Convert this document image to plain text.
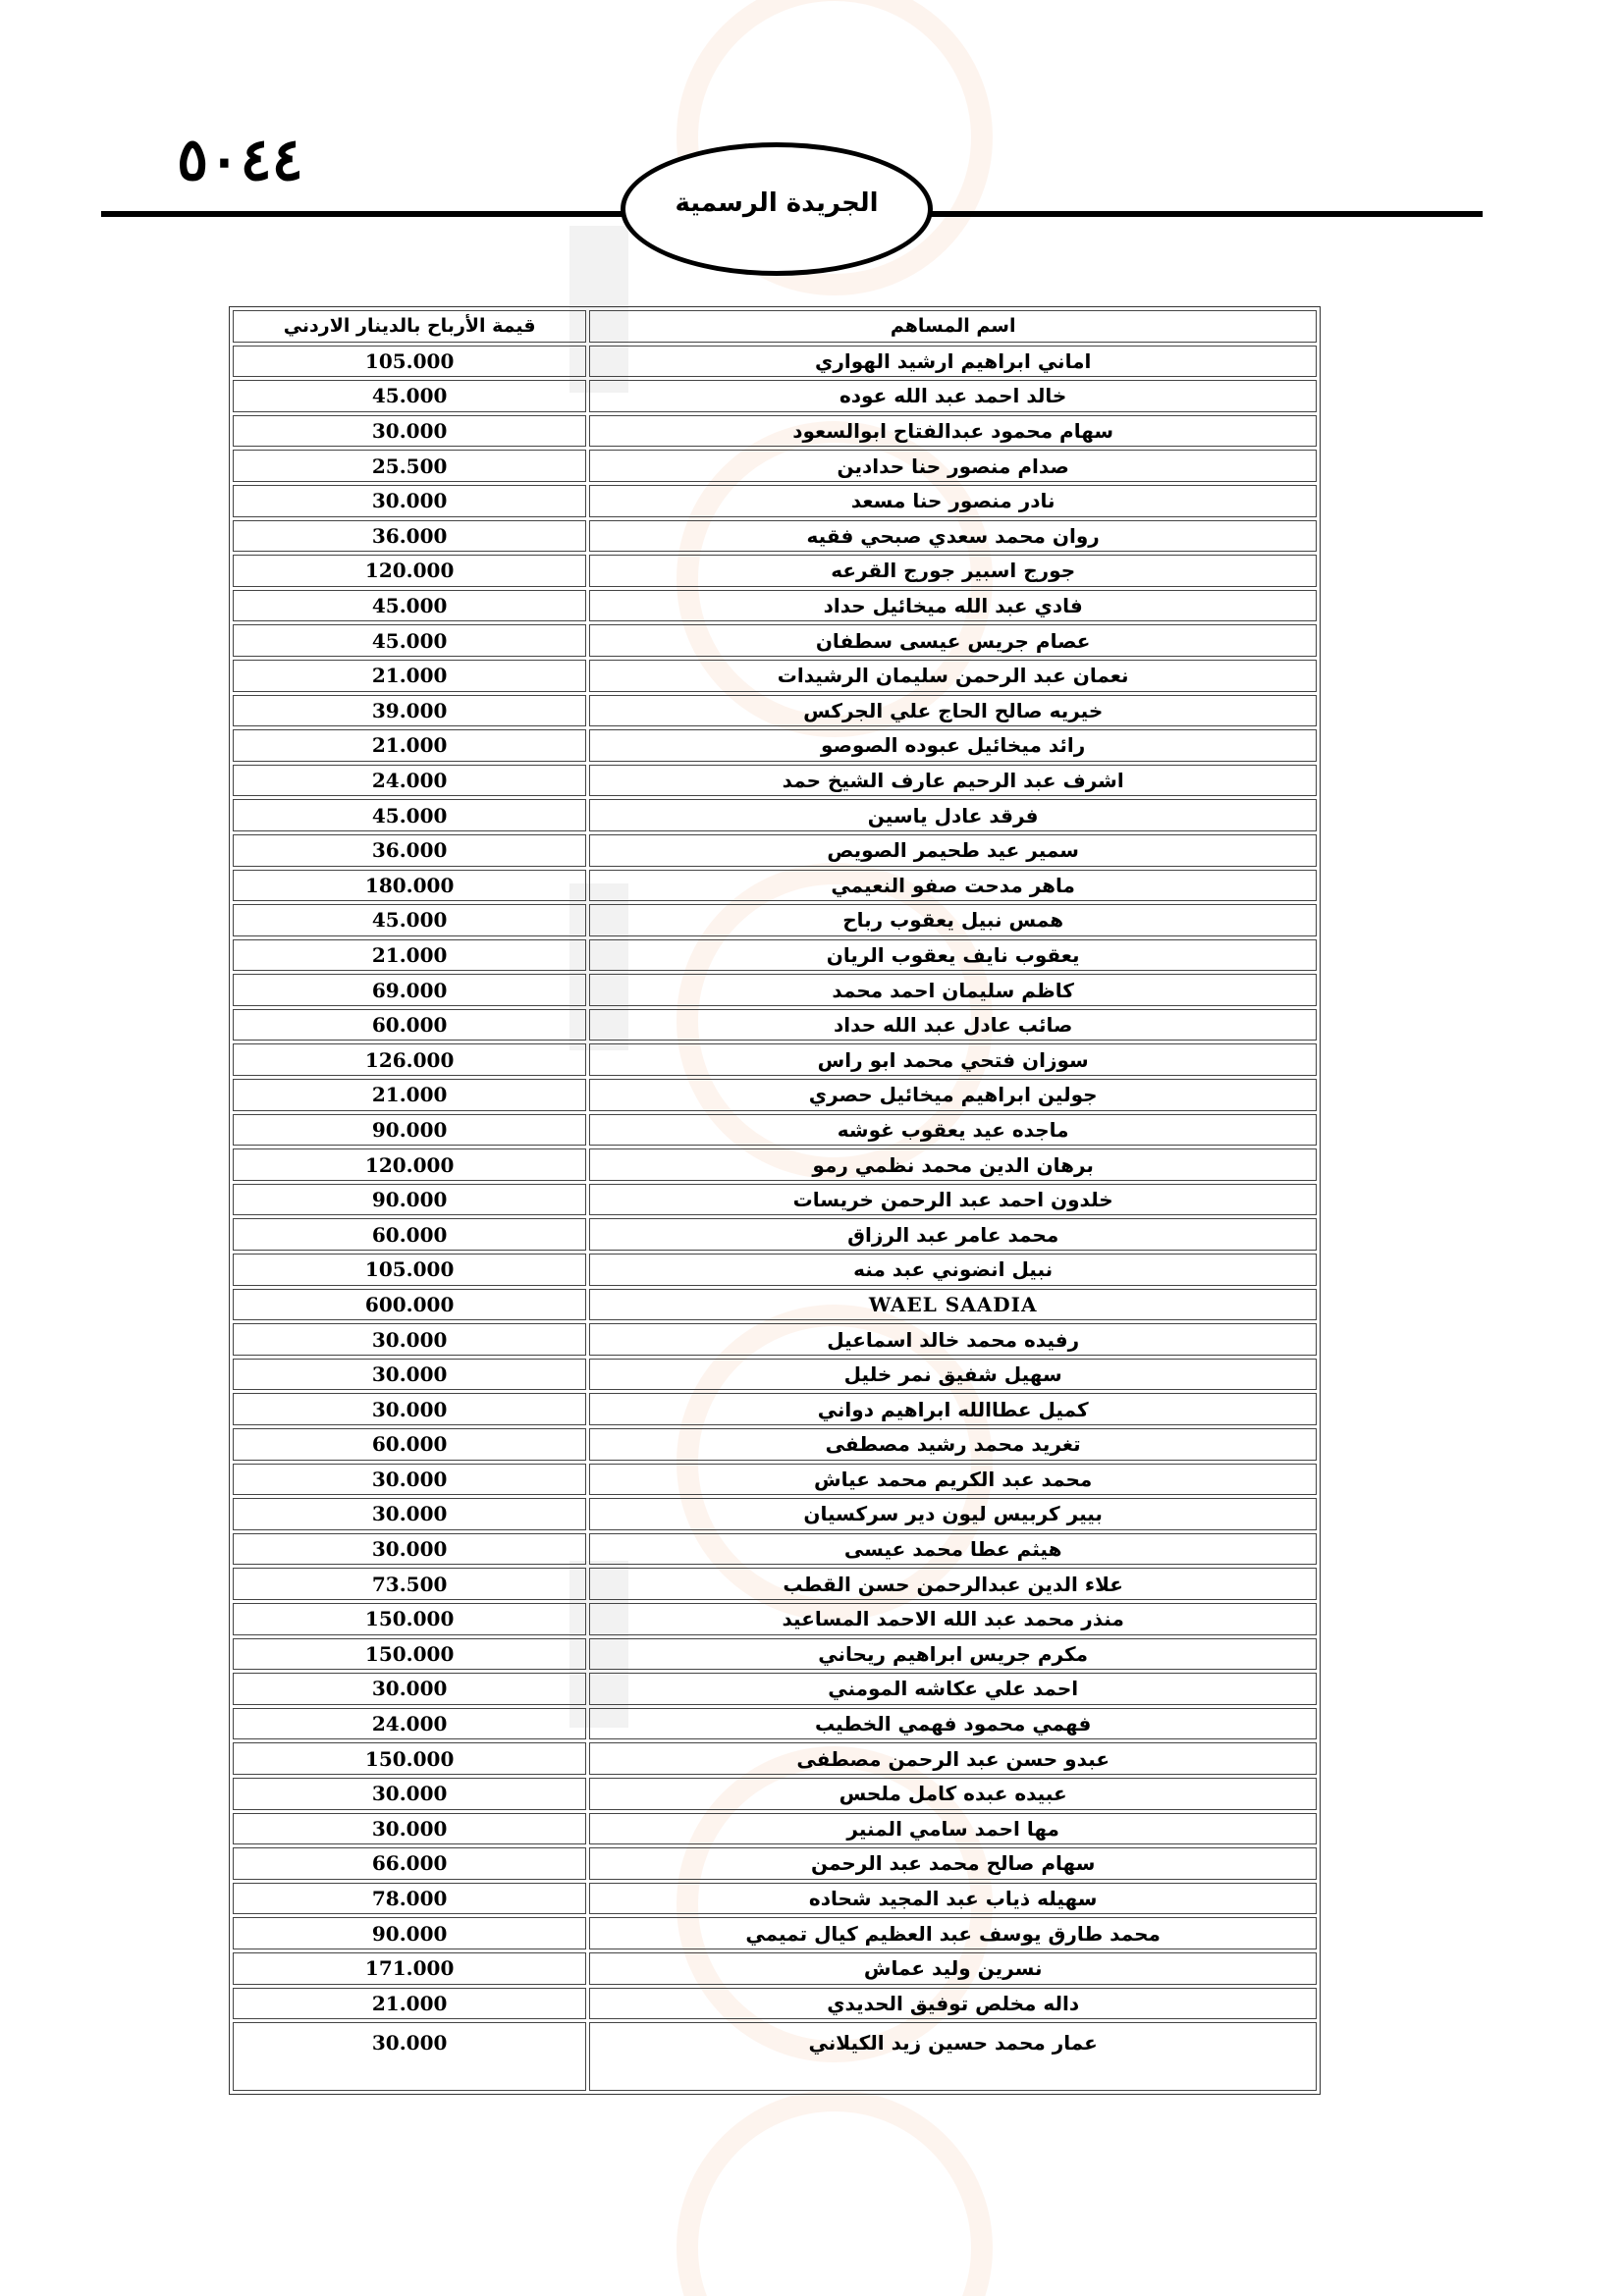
٥٠٤٤
الجريدة الرسمية
اسم المساهم	قيمة الأرباح بالدينار الاردني
اماني ابراهيم ارشيد الهواري	105.000
خالد احمد عبد الله عوده	45.000
سهام محمود عبدالفتاح ابوالسعود	30.000
صدام منصور حنا حدادين	25.500
نادر منصور حنا مسعد	30.000
روان محمد سعدي صبحي فقيه	36.000
جورج اسبير جورج القرعه	120.000
فادي عبد الله ميخائيل حداد	45.000
عصام جريس عيسى سطفان	45.000
نعمان عبد الرحمن سليمان الرشيدات	21.000
خيريه صالح الحاج علي الجركس	39.000
رائد ميخائيل عبوده الصوصو	21.000
اشرف عبد الرحيم عارف الشيخ حمد	24.000
فرقد عادل ياسين	45.000
سمير عيد طحيمر الصويص	36.000
ماهر مدحت صفو النعيمي	180.000
همس نبيل يعقوب رباح	45.000
يعقوب نايف يعقوب الريان	21.000
كاظم سليمان احمد محمد	69.000
صائب عادل عبد الله حداد	60.000
سوزان فتحي محمد ابو راس	126.000
جولين ابراهيم ميخائيل حصري	21.000
ماجده عيد يعقوب غوشه	90.000
برهان الدين محمد نظمي رمو	120.000
خلدون احمد عبد الرحمن خريسات	90.000
محمد عامر عبد الرزاق	60.000
نبيل انضوني عبد منه	105.000
WAEL SAADIA	600.000
رفيده محمد خالد اسماعيل	30.000
سهيل شفيق نمر خليل	30.000
كميل عطاالله ابراهيم دواني	30.000
تغريد محمد رشيد مصطفى	60.000
محمد عبد الكريم محمد عياش	30.000
بيير كربيس ليون دير سركسيان	30.000
هيثم عطا محمد عيسى	30.000
علاء الدين عبدالرحمن حسن القطب	73.500
منذر محمد عبد الله الاحمد المساعيد	150.000
مكرم جريس ابراهيم ريحاني	150.000
احمد علي عكاشه المومني	30.000
فهمي محمود فهمي الخطيب	24.000
عبدو حسن عبد الرحمن مصطفى	150.000
عبيده عبده كامل ملحس	30.000
مها احمد سامي المنير	30.000
سهام صالح محمد عبد الرحمن	66.000
سهيله ذياب عبد المجيد شحاده	78.000
محمد طارق يوسف عبد العظيم كيال تميمي	90.000
نسرين وليد عماش	171.000
داله مخلص توفيق الحديدي	21.000
عمار محمد حسين زيد الكيلاني	30.000
